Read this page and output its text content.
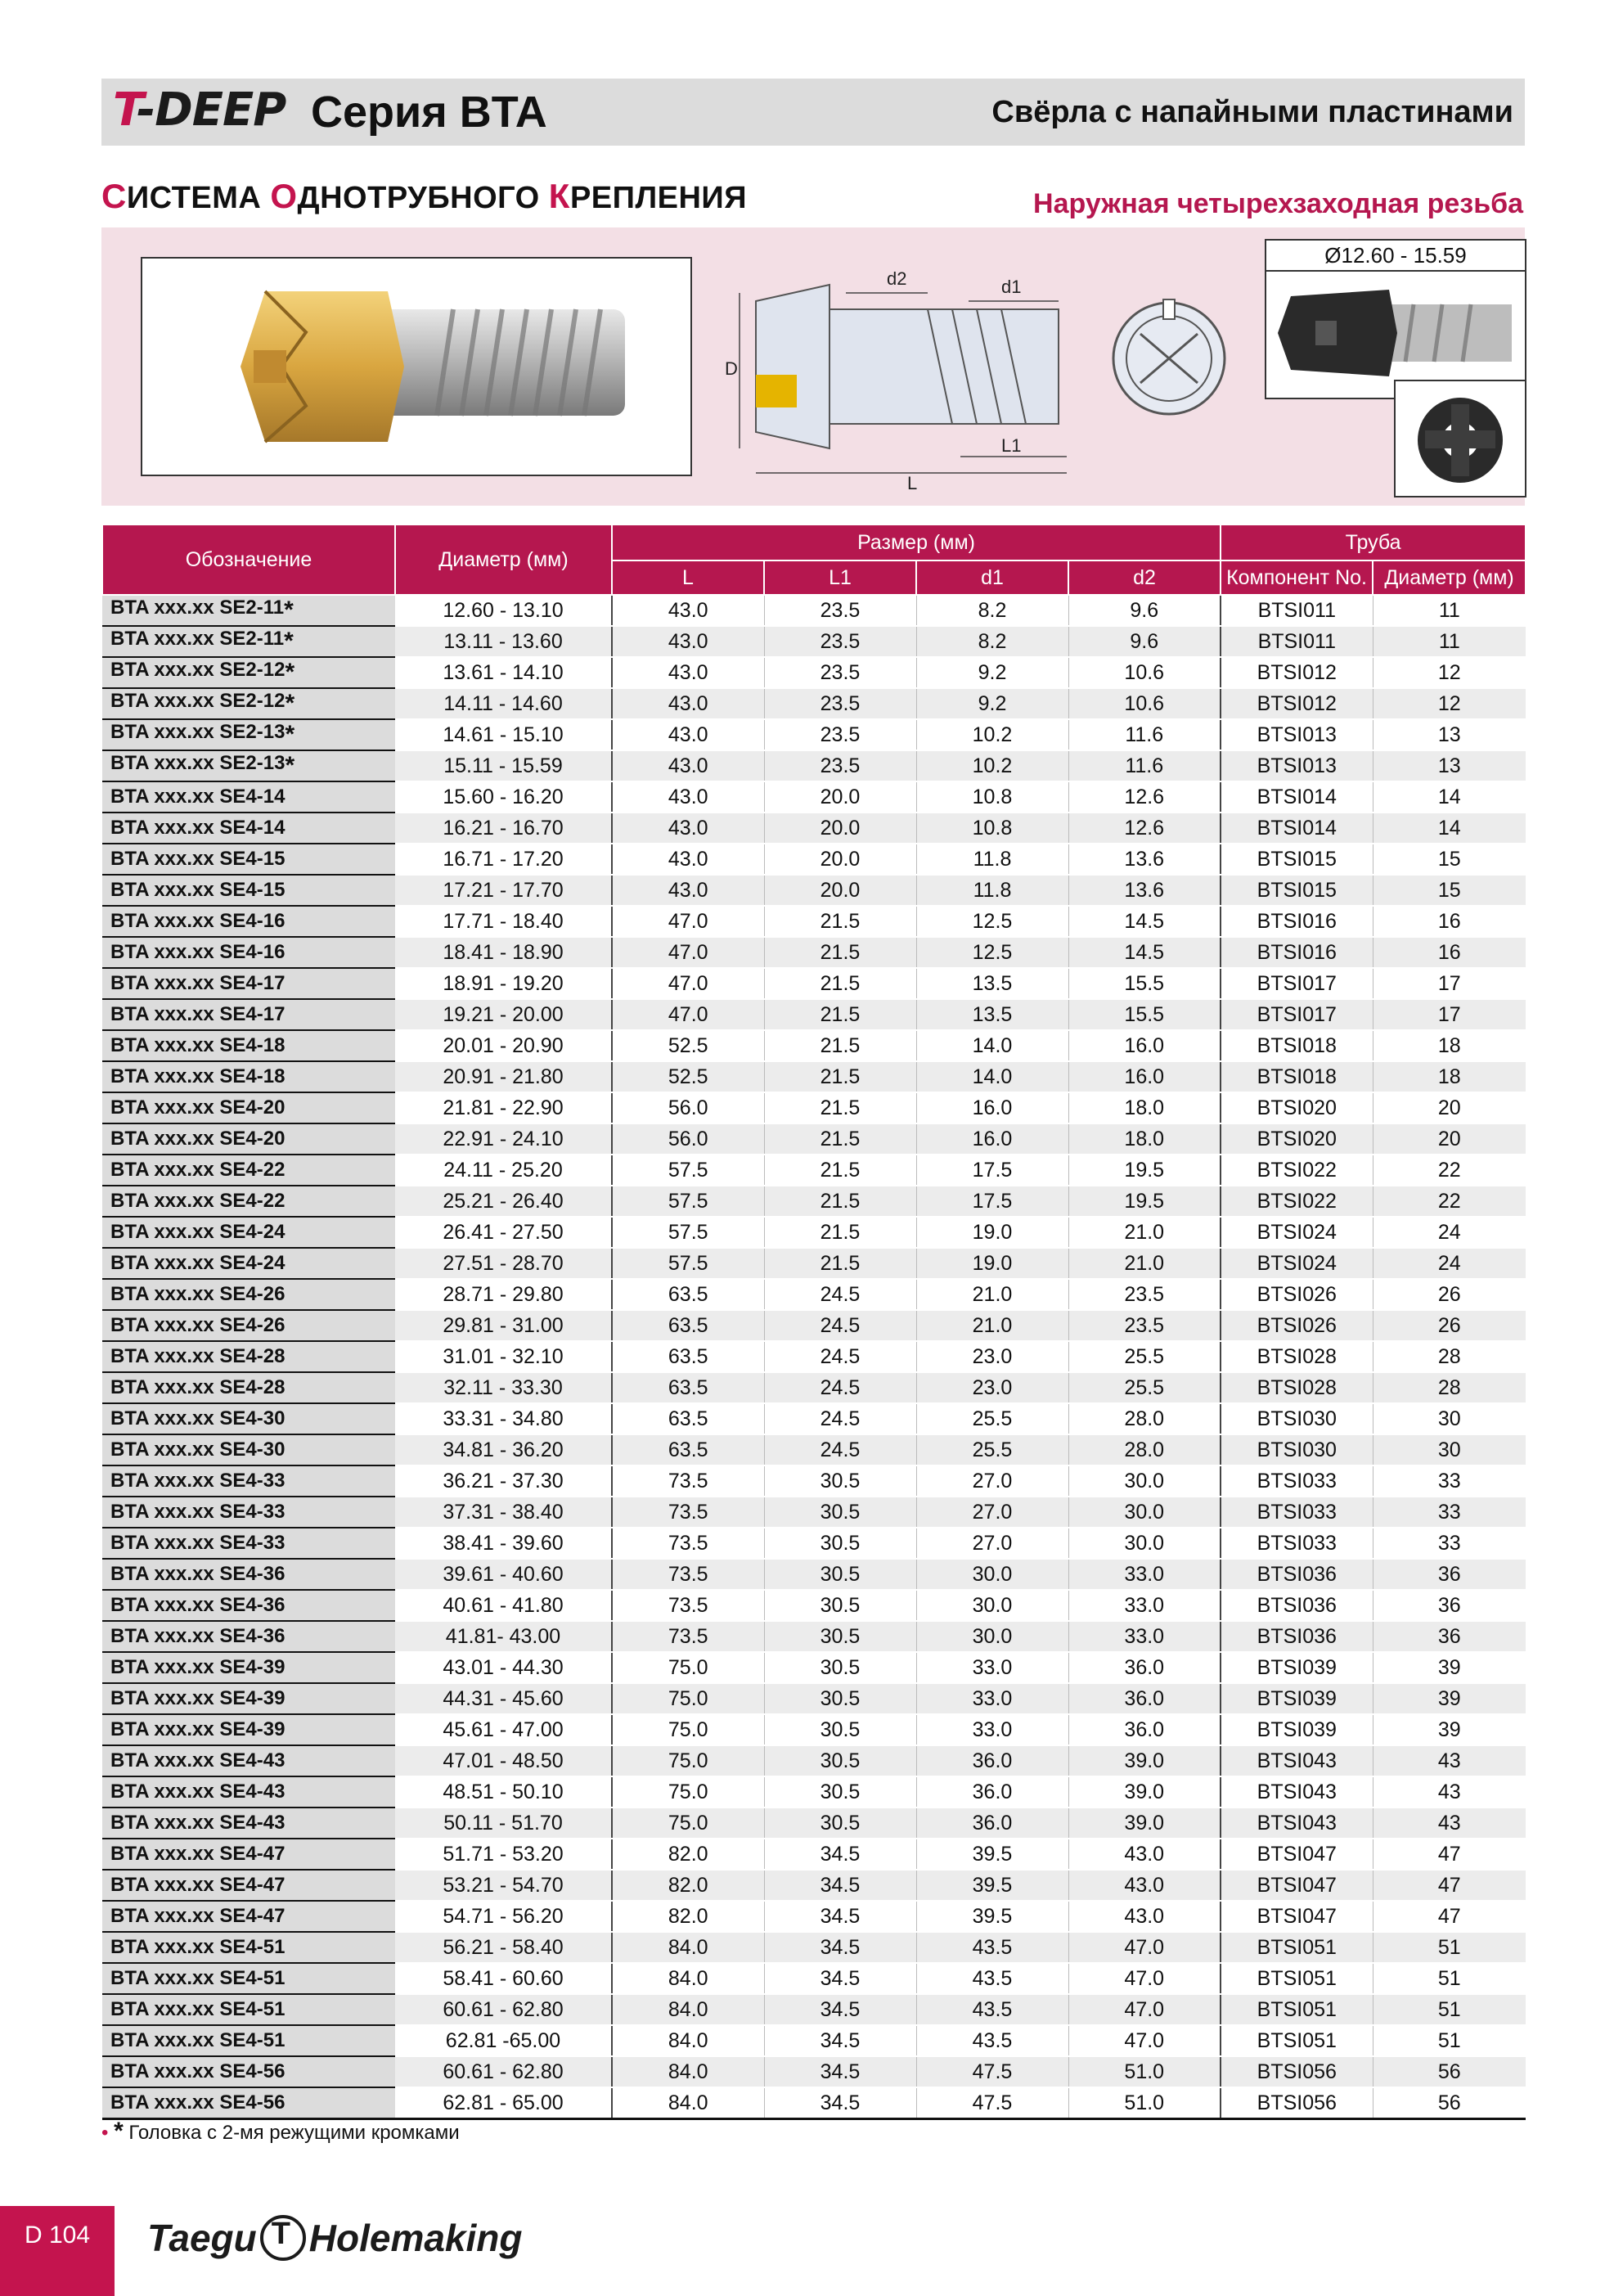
T-DEEP Серия BTA	Свёрла с напайными пластинами
СИСТЕМА ОДНОТРУБНОГО КРЕПЛЕНИЯ	Наружная четырехзаходная резьба
D
d2	d1
L1
L
Ø12.60 - 15.59
Обозначение	Диаметр (мм)	Размер (мм)				Труба	
		L	L1	d1	d2	Компонент No.	Диаметр (мм)
BTA xxx.xx SE2-11*	12.60 - 13.10	43.0	23.5	8.2	9.6	BTSI011	11
BTA xxx.xx SE2-11*	13.11 - 13.60	43.0	23.5	8.2	9.6	BTSI011	11
BTA xxx.xx SE2-12*	13.61 - 14.10	43.0	23.5	9.2	10.6	BTSI012	12
BTA xxx.xx SE2-12*	14.11 - 14.60	43.0	23.5	9.2	10.6	BTSI012	12
BTA xxx.xx SE2-13*	14.61 - 15.10	43.0	23.5	10.2	11.6	BTSI013	13
BTA xxx.xx SE2-13*	15.11 - 15.59	43.0	23.5	10.2	11.6	BTSI013	13
BTA xxx.xx SE4-14	15.60 - 16.20	43.0	20.0	10.8	12.6	BTSI014	14
BTA xxx.xx SE4-14	16.21 - 16.70	43.0	20.0	10.8	12.6	BTSI014	14
BTA xxx.xx SE4-15	16.71 - 17.20	43.0	20.0	11.8	13.6	BTSI015	15
BTA xxx.xx SE4-15	17.21 - 17.70	43.0	20.0	11.8	13.6	BTSI015	15
BTA xxx.xx SE4-16	17.71 - 18.40	47.0	21.5	12.5	14.5	BTSI016	16
BTA xxx.xx SE4-16	18.41 - 18.90	47.0	21.5	12.5	14.5	BTSI016	16
BTA xxx.xx SE4-17	18.91 - 19.20	47.0	21.5	13.5	15.5	BTSI017	17
BTA xxx.xx SE4-17	19.21 - 20.00	47.0	21.5	13.5	15.5	BTSI017	17
BTA xxx.xx SE4-18	20.01 - 20.90	52.5	21.5	14.0	16.0	BTSI018	18
BTA xxx.xx SE4-18	20.91 - 21.80	52.5	21.5	14.0	16.0	BTSI018	18
BTA xxx.xx SE4-20	21.81 - 22.90	56.0	21.5	16.0	18.0	BTSI020	20
BTA xxx.xx SE4-20	22.91 - 24.10	56.0	21.5	16.0	18.0	BTSI020	20
BTA xxx.xx SE4-22	24.11 - 25.20	57.5	21.5	17.5	19.5	BTSI022	22
BTA xxx.xx SE4-22	25.21 - 26.40	57.5	21.5	17.5	19.5	BTSI022	22
BTA xxx.xx SE4-24	26.41 - 27.50	57.5	21.5	19.0	21.0	BTSI024	24
BTA xxx.xx SE4-24	27.51 - 28.70	57.5	21.5	19.0	21.0	BTSI024	24
BTA xxx.xx SE4-26	28.71 - 29.80	63.5	24.5	21.0	23.5	BTSI026	26
BTA xxx.xx SE4-26	29.81 - 31.00	63.5	24.5	21.0	23.5	BTSI026	26
BTA xxx.xx SE4-28	31.01 - 32.10	63.5	24.5	23.0	25.5	BTSI028	28
BTA xxx.xx SE4-28	32.11 - 33.30	63.5	24.5	23.0	25.5	BTSI028	28
BTA xxx.xx SE4-30	33.31 - 34.80	63.5	24.5	25.5	28.0	BTSI030	30
BTA xxx.xx SE4-30	34.81 - 36.20	63.5	24.5	25.5	28.0	BTSI030	30
BTA xxx.xx SE4-33	36.21 - 37.30	73.5	30.5	27.0	30.0	BTSI033	33
BTA xxx.xx SE4-33	37.31 - 38.40	73.5	30.5	27.0	30.0	BTSI033	33
BTA xxx.xx SE4-33	38.41 - 39.60	73.5	30.5	27.0	30.0	BTSI033	33
BTA xxx.xx SE4-36	39.61 - 40.60	73.5	30.5	30.0	33.0	BTSI036	36
BTA xxx.xx SE4-36	40.61 - 41.80	73.5	30.5	30.0	33.0	BTSI036	36
BTA xxx.xx SE4-36	41.81- 43.00	73.5	30.5	30.0	33.0	BTSI036	36
BTA xxx.xx SE4-39	43.01 - 44.30	75.0	30.5	33.0	36.0	BTSI039	39
BTA xxx.xx SE4-39	44.31 - 45.60	75.0	30.5	33.0	36.0	BTSI039	39
BTA xxx.xx SE4-39	45.61 - 47.00	75.0	30.5	33.0	36.0	BTSI039	39
BTA xxx.xx SE4-43	47.01 - 48.50	75.0	30.5	36.0	39.0	BTSI043	43
BTA xxx.xx SE4-43	48.51 - 50.10	75.0	30.5	36.0	39.0	BTSI043	43
BTA xxx.xx SE4-43	50.11 - 51.70	75.0	30.5	36.0	39.0	BTSI043	43
BTA xxx.xx SE4-47	51.71 - 53.20	82.0	34.5	39.5	43.0	BTSI047	47
BTA xxx.xx SE4-47	53.21 - 54.70	82.0	34.5	39.5	43.0	BTSI047	47
BTA xxx.xx SE4-47	54.71 - 56.20	82.0	34.5	39.5	43.0	BTSI047	47
BTA xxx.xx SE4-51	56.21 - 58.40	84.0	34.5	43.5	47.0	BTSI051	51
BTA xxx.xx SE4-51	58.41 - 60.60	84.0	34.5	43.5	47.0	BTSI051	51
BTA xxx.xx SE4-51	60.61 - 62.80	84.0	34.5	43.5	47.0	BTSI051	51
BTA xxx.xx SE4-51	62.81 -65.00	84.0	34.5	43.5	47.0	BTSI051	51
BTA xxx.xx SE4-56	60.61 - 62.80	84.0	34.5	47.5	51.0	BTSI056	56
BTA xxx.xx SE4-56	62.81 - 65.00	84.0	34.5	47.5	51.0	BTSI056	56
• * Головка с 2-мя режущими кромками
D 104	Taegu T Holemaking
